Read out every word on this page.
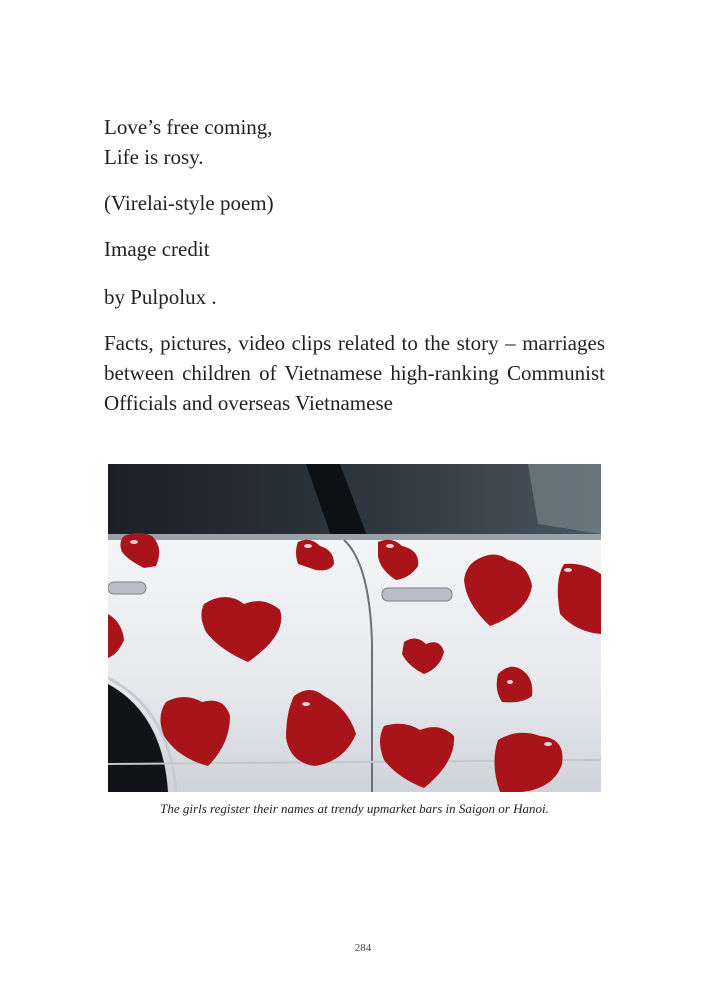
Love’s free coming,
Life is rosy.
(Virelai-style poem)
Image credit
by Pulpolux .
Facts, pictures, video clips related to the story – marriages between children of Vietnamese high-ranking Communist Officials and overseas Vietnamese
The girls register their names at trendy upmarket bars in Saigon or Hanoi.
284
